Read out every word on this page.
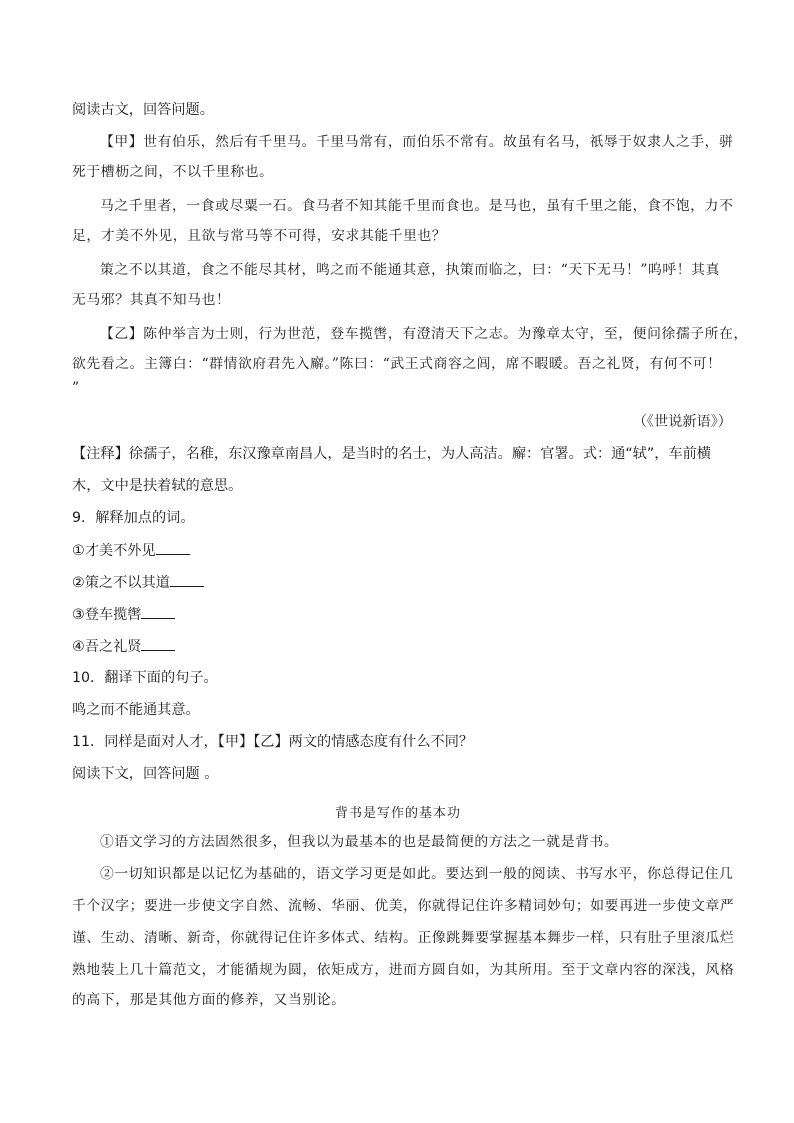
阅读古文，回答问题。
【甲】世有伯乐，然后有千里马。千里马常有，而伯乐不常有。故虽有名马，祇辱于奴隶人之手，骈
死于槽枥之间，不以千里称也。
马之千里者，一食或尽粟一石。食马者不知其能千里而食也。是马也，虽有千里之能，食不饱，力不
足，才美不外见，且欲与常马等不可得，安求其能千里也？
策之不以其道，食之不能尽其材，鸣之而不能通其意，执策而临之，曰：“天下无马！”呜呼！其真
无马邪？其真不知马也！
【乙】陈仲举言为士则，行为世范，登车揽辔，有澄清天下之志。为豫章太守，至，便问徐孺子所在，
欲先看之。主簿白：“群情欲府君先入廨。”陈曰：“武王式商容之闾，席不暇暖。吾之礼贤，有何不可！
”
（《世说新语》）
【注释】徐孺子，名稚，东汉豫章南昌人，是当时的名士，为人高洁。廨：官署。式：通“轼”，车前横
木，文中是扶着轼的意思。
9．解释加点的词。
①才美不外见
②策之不以其道
③登车揽辔
④吾之礼贤
10．翻译下面的句子。
鸣之而不能通其意。
11．同样是面对人才，【甲】【乙】两文的情感态度有什么不同？
阅读下文，回答问题 。
背书是写作的基本功
①语文学习的方法固然很多，但我以为最基本的也是最简便的方法之一就是背书。
②一切知识都是以记忆为基础的，语文学习更是如此。要达到一般的阅读、书写水平，你总得记住几
千个汉字；要进一步使文字自然、流畅、华丽、优美，你就得记住许多精词妙句；如要再进一步使文章严
谨、生动、清晰、新奇，你就得记住许多体式、结构。正像跳舞要掌握基本舞步一样，只有肚子里滚瓜烂
熟地装上几十篇范文，才能循规为圆，依矩成方，进而方圆自如，为其所用。至于文章内容的深浅，风格
的高下，那是其他方面的修养，又当别论。
